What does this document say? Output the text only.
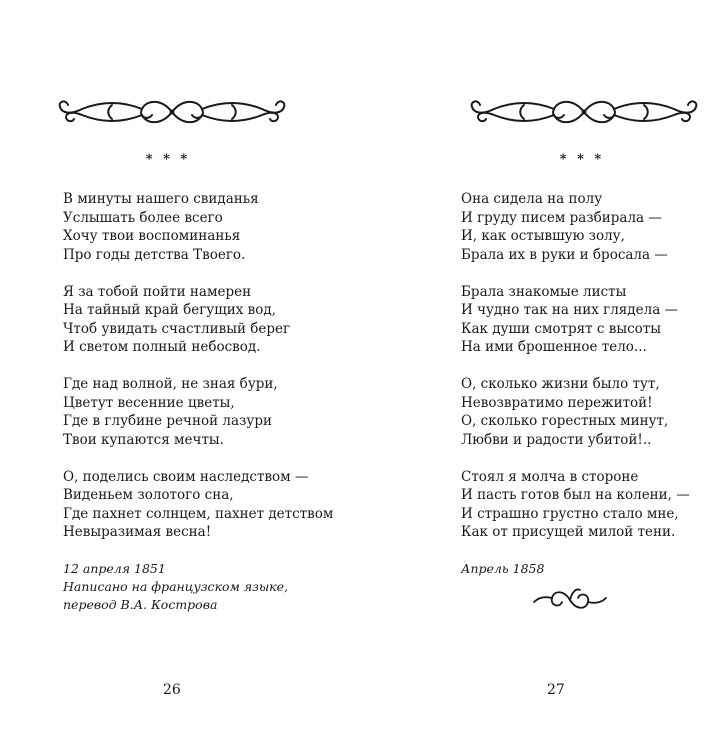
* * *
В минуты нашего свиданья
Услышать более всего
Хочу твои воспоминанья
Про годы детства Твоего.
Я за тобой пойти намерен
На тайный край бегущих вод,
Чтоб увидать счастливый берег
И светом полный небосвод.
Где над волной, не зная бури,
Цветут весенние цветы,
Где в глубине речной лазури
Твои купаются мечты.
О, поделись своим наследством —
Виденьем золотого сна,
Где пахнет солнцем, пахнет детством
Невыразимая весна!
12 апреля 1851
Написано на французском языке,
перевод В.А. Кострова
26
* * *
Она сидела на полу
И груду писем разбирала —
И, как остывшую золу,
Брала их в руки и бросала —
Брала знакомые листы
И чудно так на них глядела —
Как души смотрят с высоты
На ими брошенное тело...
О, сколько жизни было тут,
Невозвратимо пережитой!
О, сколько горестных минут,
Любви и радости убитой!..
Стоял я молча в стороне
И пасть готов был на колени, —
И страшно грустно стало мне,
Как от присущей милой тени.
Апрель 1858
27
